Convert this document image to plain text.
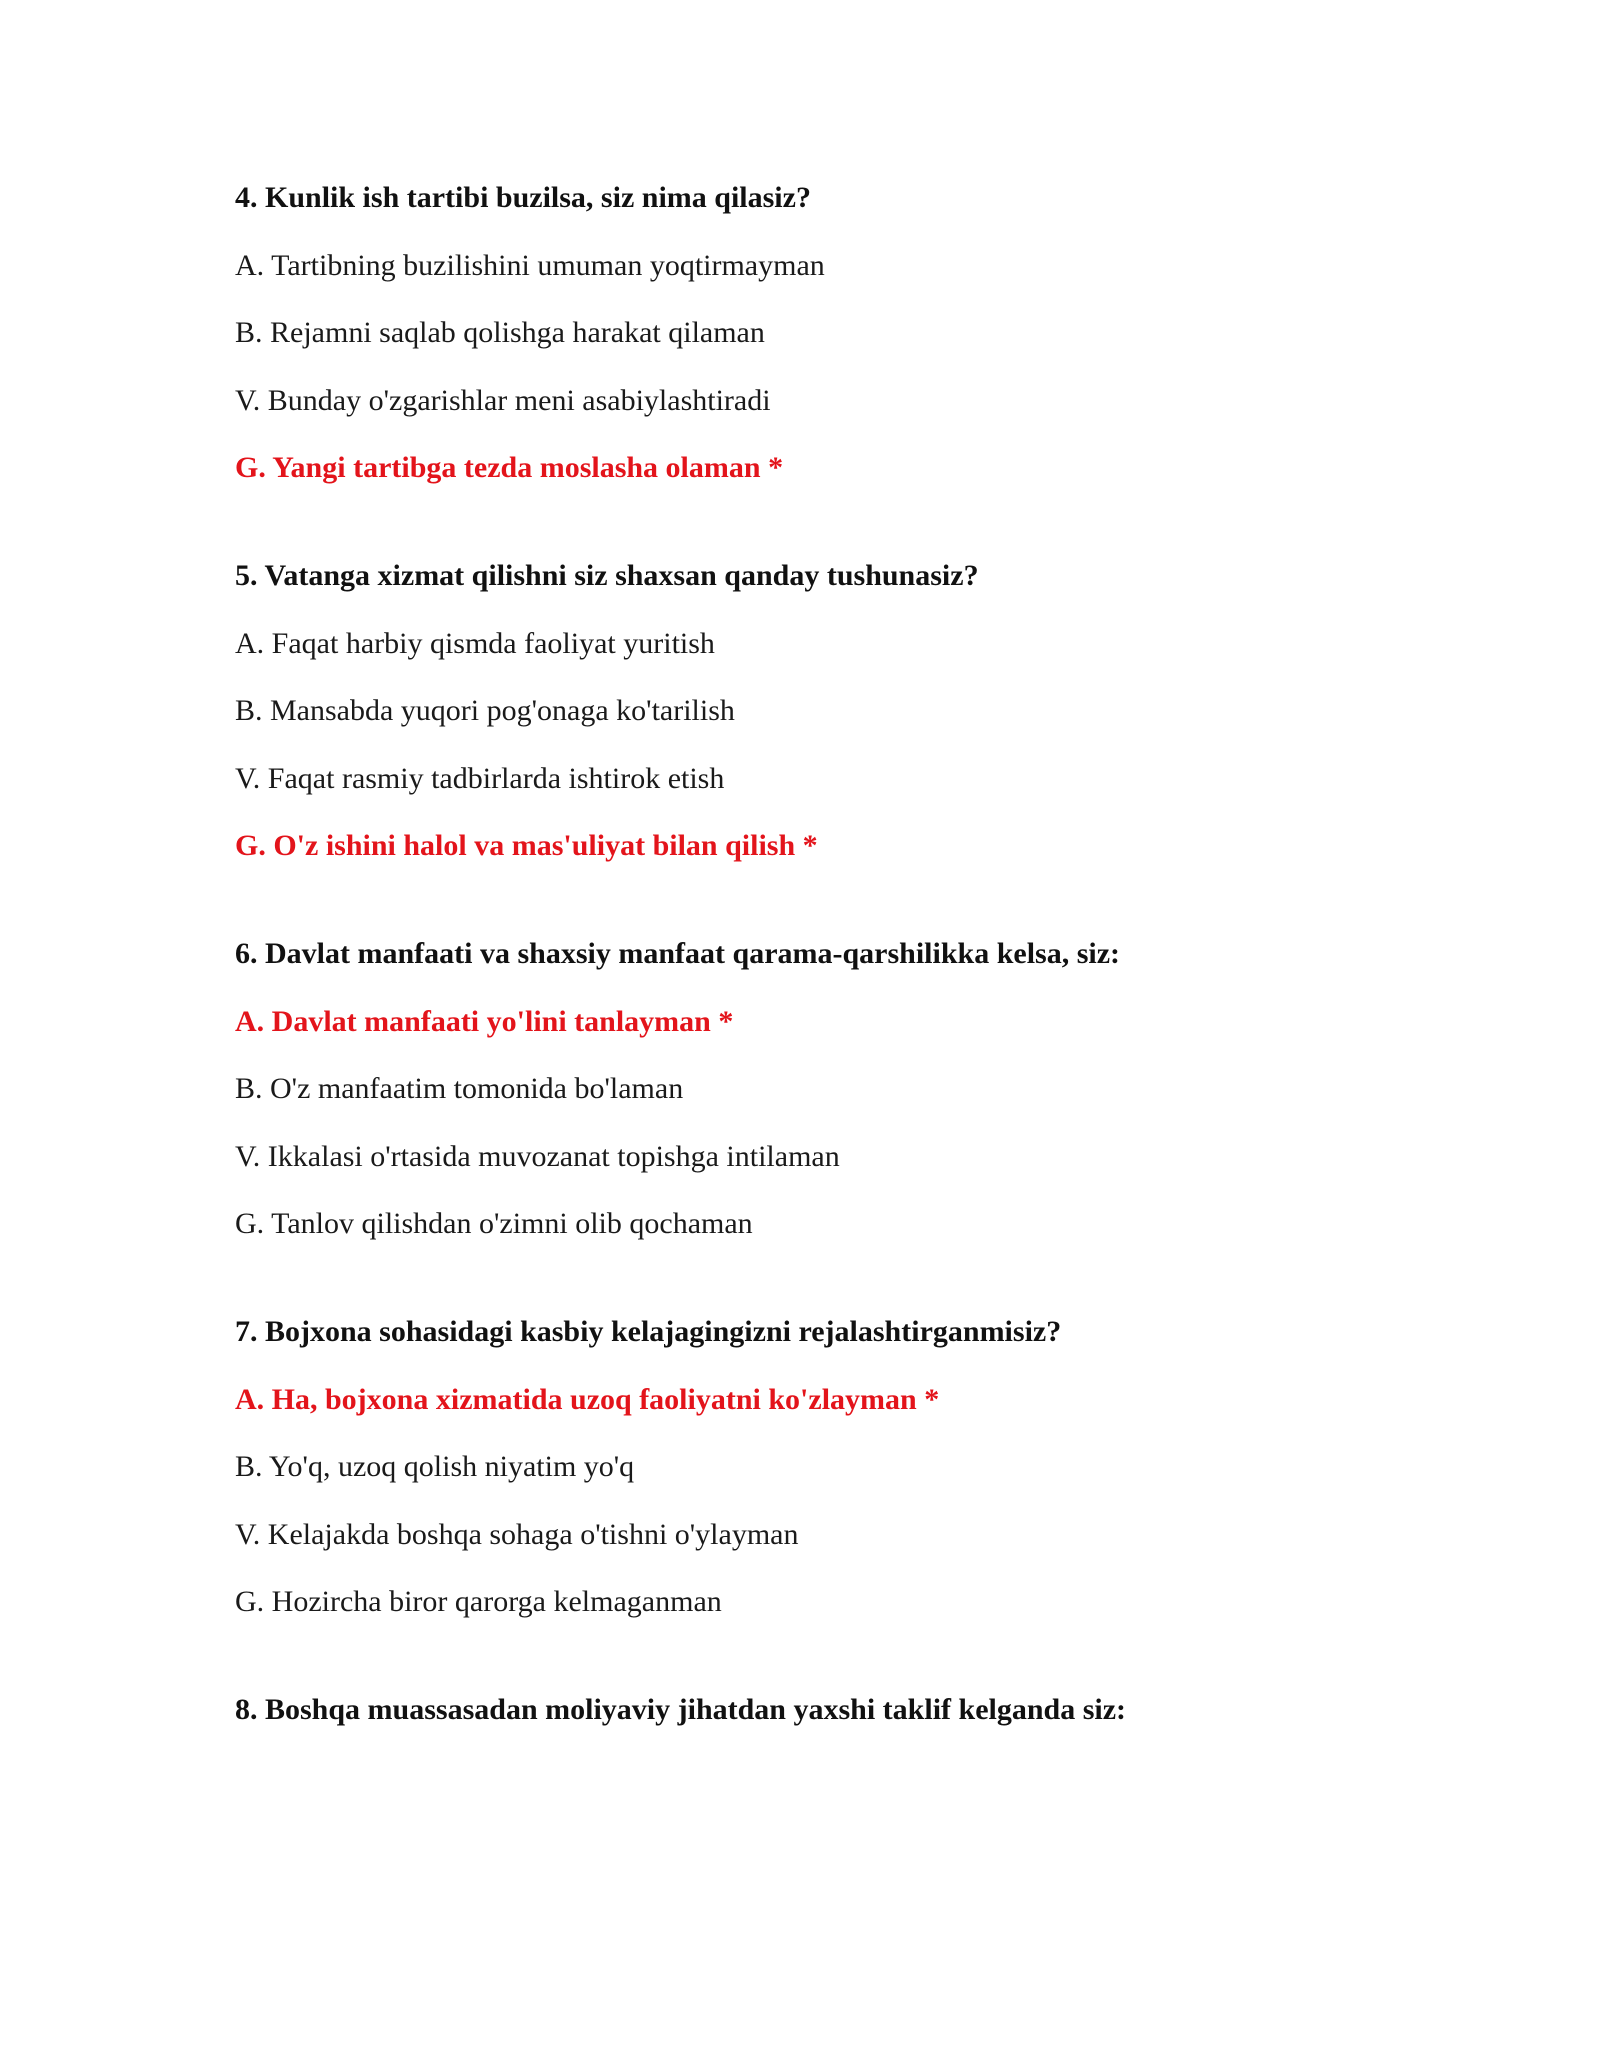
4. Kunlik ish tartibi buzilsa, siz nima qilasiz?
A. Tartibning buzilishini umuman yoqtirmayman
B. Rejamni saqlab qolishga harakat qilaman
V. Bunday o'zgarishlar meni asabiylashtiradi
G. Yangi tartibga tezda moslasha olaman *
5. Vatanga xizmat qilishni siz shaxsan qanday tushunasiz?
A. Faqat harbiy qismda faoliyat yuritish
B. Mansabda yuqori pog'onaga ko'tarilish
V. Faqat rasmiy tadbirlarda ishtirok etish
G. O'z ishini halol va mas'uliyat bilan qilish *
6. Davlat manfaati va shaxsiy manfaat qarama-qarshilikka kelsa, siz:
A. Davlat manfaati yo'lini tanlayman *
B. O'z manfaatim tomonida bo'laman
V. Ikkalasi o'rtasida muvozanat topishga intilaman
G. Tanlov qilishdan o'zimni olib qochaman
7. Bojxona sohasidagi kasbiy kelajagingizni rejalashtirganmisiz?
A. Ha, bojxona xizmatida uzoq faoliyatni ko'zlayman *
B. Yo'q, uzoq qolish niyatim yo'q
V. Kelajakda boshqa sohaga o'tishni o'ylayman
G. Hozircha biror qarorga kelmaganman
8. Boshqa muassasadan moliyaviy jihatdan yaxshi taklif kelganda siz:
